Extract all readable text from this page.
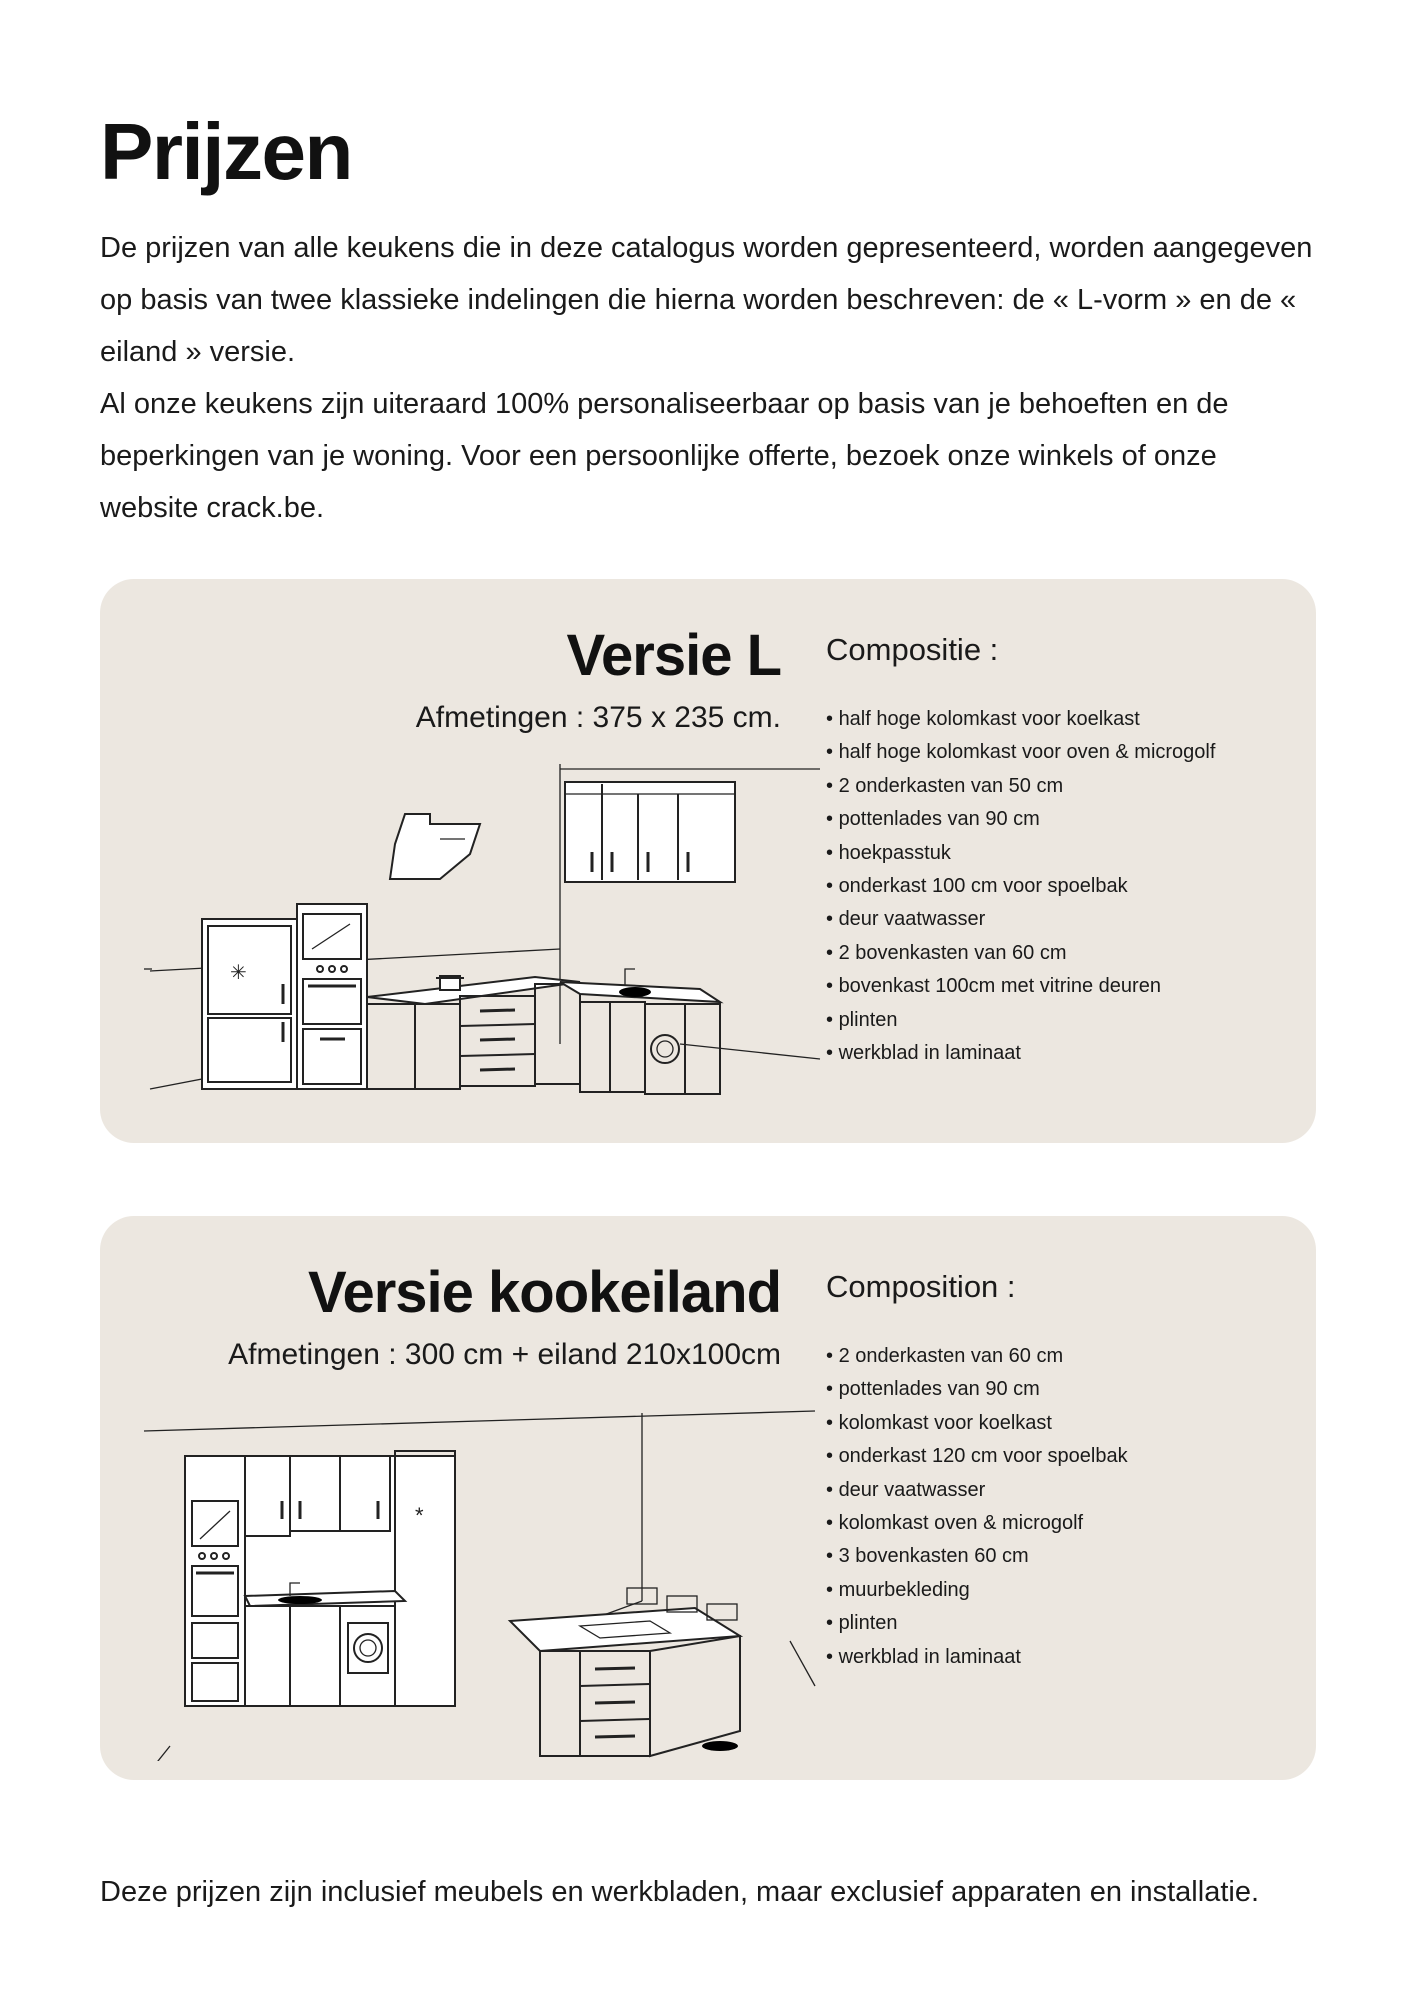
Prijzen

De prijzen van alle keukens die in deze catalogus worden gepresenteerd, worden aangegeven op basis van twee klassieke indelingen die hierna worden beschreven: de « L-vorm » en de « eiland » versie.

Al onze keukens zijn uiteraard 100% personaliseerbaar op basis van je behoeften en de beperkingen van je woning. Voor een persoonlijke offerte, bezoek onze winkels of onze website crack.be.

Versie L
Afmetingen : 375 x 235 cm.
Compositie :
• half hoge kolomkast voor koelkast
• half hoge kolomkast voor oven & microgolf
• 2 onderkasten van 50 cm
• pottenlades van 90 cm
• hoekpasstuk
• onderkast 100 cm voor spoelbak
• deur vaatwasser
• 2 bovenkasten van 60 cm
• bovenkast 100cm met vitrine deuren
• plinten
• werkblad in laminaat
✳
Versie kookeiland
Afmetingen : 300 cm + eiland 210x100cm
Composition :
• 2 onderkasten van 60 cm
• pottenlades van 90 cm
• kolomkast voor koelkast
• onderkast 120 cm voor spoelbak
• deur vaatwasser
• kolomkast oven & microgolf
• 3 bovenkasten 60 cm
• muurbekleding
• plinten
• werkblad in laminaat
*
Deze prijzen zijn inclusief meubels en werkbladen, maar exclusief apparaten en installatie.
